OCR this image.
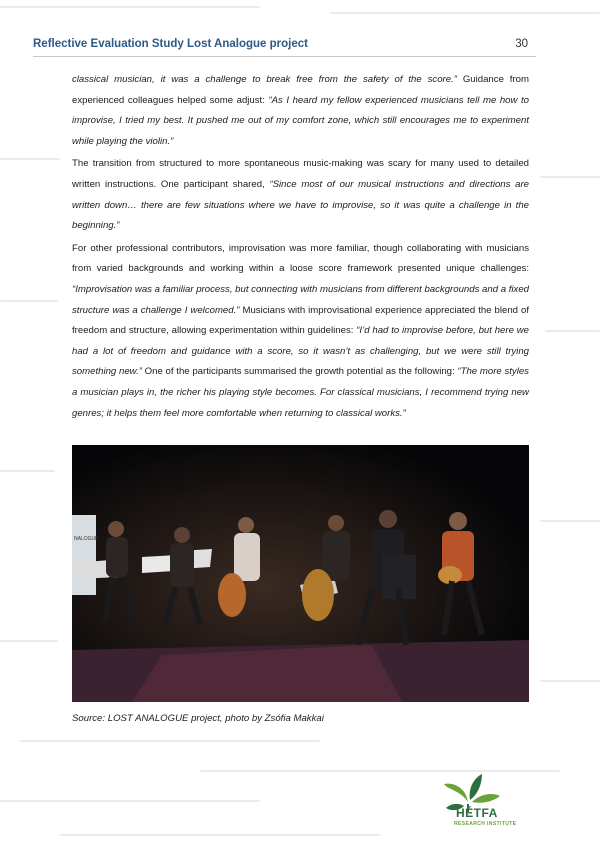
Reflective Evaluation Study Lost Analogue project	30

classical musician, it was a challenge to break free from the safety of the score.” Guidance from experienced colleagues helped some adjust: “As I heard my fellow experienced musicians tell me how to improvise, I tried my best. It pushed me out of my comfort zone, which still encourages me to experiment while playing the violin.”

The transition from structured to more spontaneous music-making was scary for many used to detailed written instructions. One participant shared, “Since most of our musical instructions and directions are written down… there are few situations where we have to improvise, so it was quite a challenge in the beginning.”

For other professional contributors, improvisation was more familiar, though collaborating with musicians from varied backgrounds and working within a loose score framework presented unique challenges: “Improvisation was a familiar process, but connecting with musicians from different backgrounds and a fixed structure was a challenge I welcomed.” Musicians with improvisational experience appreciated the blend of freedom and structure, allowing experimentation within guidelines: “I’d had to improvise before, but here we had a lot of freedom and guidance with a score, so it wasn’t as challenging, but we were still trying something new.” One of the participants summarised the growth potential as the following: “The more styles a musician plays in, the richer his playing style becomes. For classical musicians, I recommend trying new genres; it helps them feel more comfortable when returning to classical works.”

NALOGUE
Source: LOST ANALOGUE project, photo by Zsófia Makkai
HÉTFA
RESEARCH INSTITUTE
